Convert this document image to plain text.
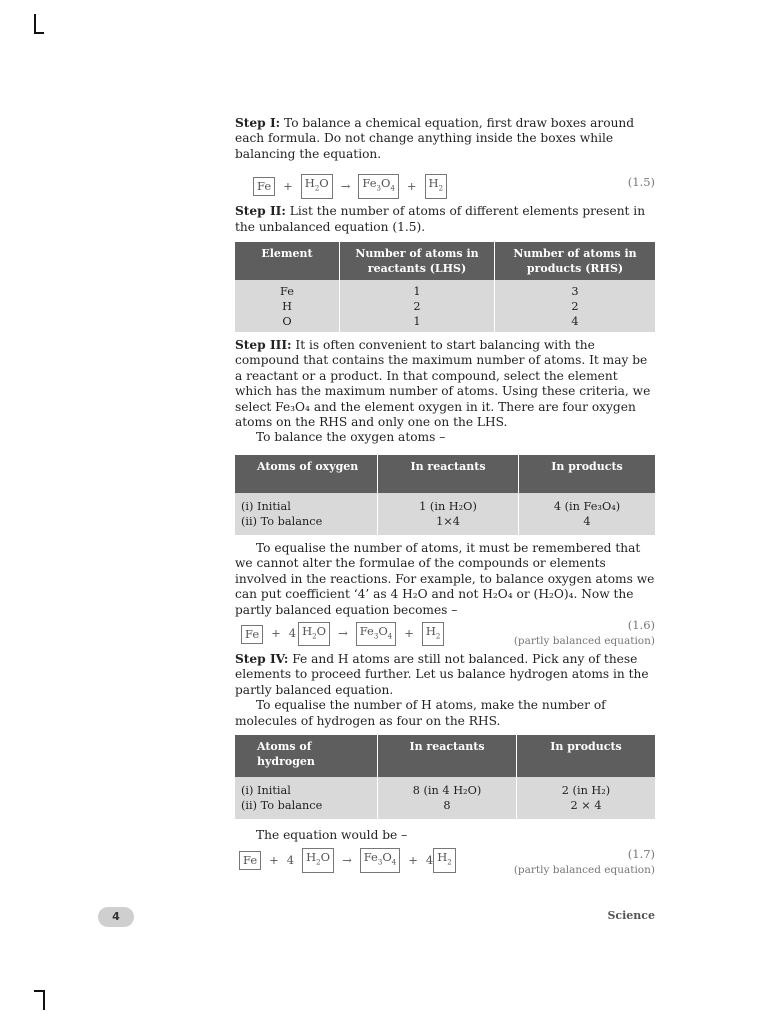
Step I: To balance a chemical equation, first draw boxes around each formula. Do not change anything inside the boxes while balancing the equation.

Fe	+	$H_2O$	→	$Fe_3O_4$	+	$H_2$	(1.5)

Step II: List the number of atoms of different elements present in the unbalanced equation (1.5).

Element	Number of atoms in reactants (LHS)	Number of atoms in products (RHS)
Fe	1	3
H	2	2
O	1	4

Step III: It is often convenient to start balancing with the compound that contains the maximum number of atoms. It may be a reactant or a product. In that compound, select the element which has the maximum number of atoms. Using these criteria, we select Fe₃O₄ and the element oxygen in it. There are four oxygen atoms on the RHS and only one on the LHS.

To balance the oxygen atoms –

Atoms of oxygen	In reactants	In products
(i) Initial	1 (in H₂O)	4 (in Fe₃O₄)
(ii) To balance	1×4	4

To equalise the number of atoms, it must be remembered that we cannot alter the formulae of the compounds or elements involved in the reactions. For example, to balance oxygen atoms we can put coefficient ‘4’ as 4 H₂O and not H₂O₄ or (H₂O)₄. Now the partly balanced equation becomes –

Fe	+ 4 $H_2O$	→	$Fe_3O_4$	+	$H_2$
(1.6)
(partly balanced equation)

Step IV: Fe and H atoms are still not balanced. Pick any of these elements to proceed further. Let us balance hydrogen atoms in the partly balanced equation.

To equalise the number of H atoms, make the number of molecules of hydrogen as four on the RHS.

Atoms of hydrogen	In reactants	In products
(i) Initial	8 (in 4 H₂O)	2 (in H₂)
(ii) To balance	8	2 × 4

The equation would be –

Fe	+ 4	$H_2O$	→	$Fe_3O_4$	+ 4 $H_2$
(1.7)
(partly balanced equation)
4	Science
